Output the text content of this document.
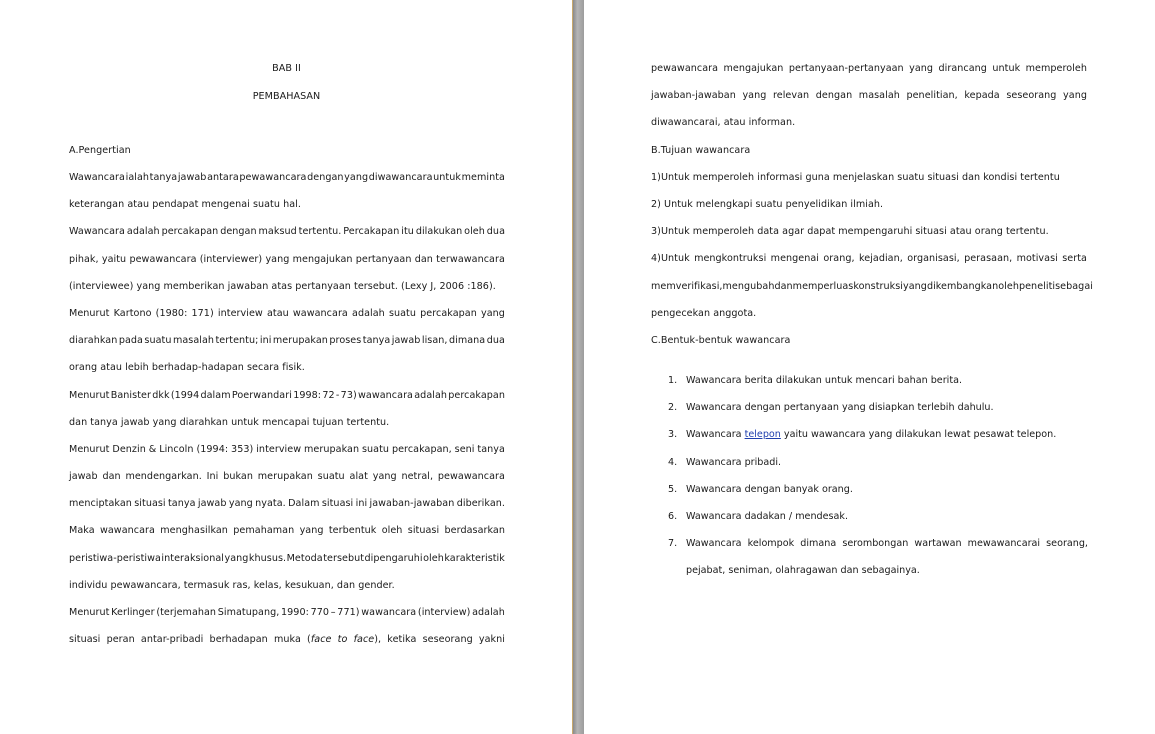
BAB II

PEMBAHASAN

A.Pengertian

Wawancara ialah tanya jawab antara pewawancara dengan yang diwawancara untuk meminta
keterangan atau pendapat mengenai suatu hal.
Wawancara adalah percakapan dengan maksud tertentu. Percakapan itu dilakukan oleh dua
pihak, yaitu pewawancara (interviewer) yang mengajukan pertanyaan dan terwawancara
(interviewee) yang memberikan jawaban atas pertanyaan tersebut. (Lexy J, 2006 :186).
Menurut Kartono (1980: 171) interview atau wawancara adalah suatu percakapan yang
diarahkan pada suatu masalah tertentu; ini merupakan proses tanya jawab lisan, dimana dua
orang atau lebih berhadap-hadapan secara fisik.
Menurut Banister dkk (1994 dalam Poerwandari 1998: 72 - 73) wawancara adalah percakapan
dan tanya jawab yang diarahkan untuk mencapai tujuan tertentu.
Menurut Denzin & Lincoln (1994: 353) interview merupakan suatu percakapan, seni tanya
jawab dan mendengarkan. Ini bukan merupakan suatu alat yang netral, pewawancara
menciptakan situasi tanya jawab yang nyata. Dalam situasi ini jawaban-jawaban diberikan.
Maka wawancara menghasilkan pemahaman yang terbentuk oleh situasi berdasarkan
peristiwa-peristiwa interaksional yang khusus. Metoda tersebut dipengaruhi oleh karakteristik
individu pewawancara, termasuk ras, kelas, kesukuan, dan gender.
Menurut Kerlinger (terjemahan Simatupang, 1990: 770 – 771) wawancara (interview) adalah
situasi peran antar-pribadi berhadapan muka (face to face), ketika seseorang yakni
pewawancara mengajukan pertanyaan-pertanyaan yang dirancang untuk memperoleh
jawaban-jawaban yang relevan dengan masalah penelitian, kepada seseorang yang
diwawancarai, atau informan.
B.Tujuan wawancara
1)Untuk memperoleh informasi guna menjelaskan suatu situasi dan kondisi tertentu
2) Untuk melengkapi suatu penyelidikan ilmiah.
3)Untuk memperoleh data agar dapat mempengaruhi situasi atau orang tertentu.
4)Untuk mengkontruksi mengenai orang, kejadian, organisasi, perasaan, motivasi serta
memverifikasi, mengubah dan memperluas konstruksi yang dikembangkan oleh peneliti sebagai
pengecekan anggota.
C.Bentuk-bentuk wawancara
1. Wawancara berita dilakukan untuk mencari bahan berita.
2. Wawancara dengan pertanyaan yang disiapkan terlebih dahulu.
3. Wawancara telepon yaitu wawancara yang dilakukan lewat pesawat telepon.
4. Wawancara pribadi.
5. Wawancara dengan banyak orang.
6. Wawancara dadakan / mendesak.
7. Wawancara kelompok dimana serombongan wartawan mewawancarai seorang,
pejabat, seniman, olahragawan dan sebagainya.
